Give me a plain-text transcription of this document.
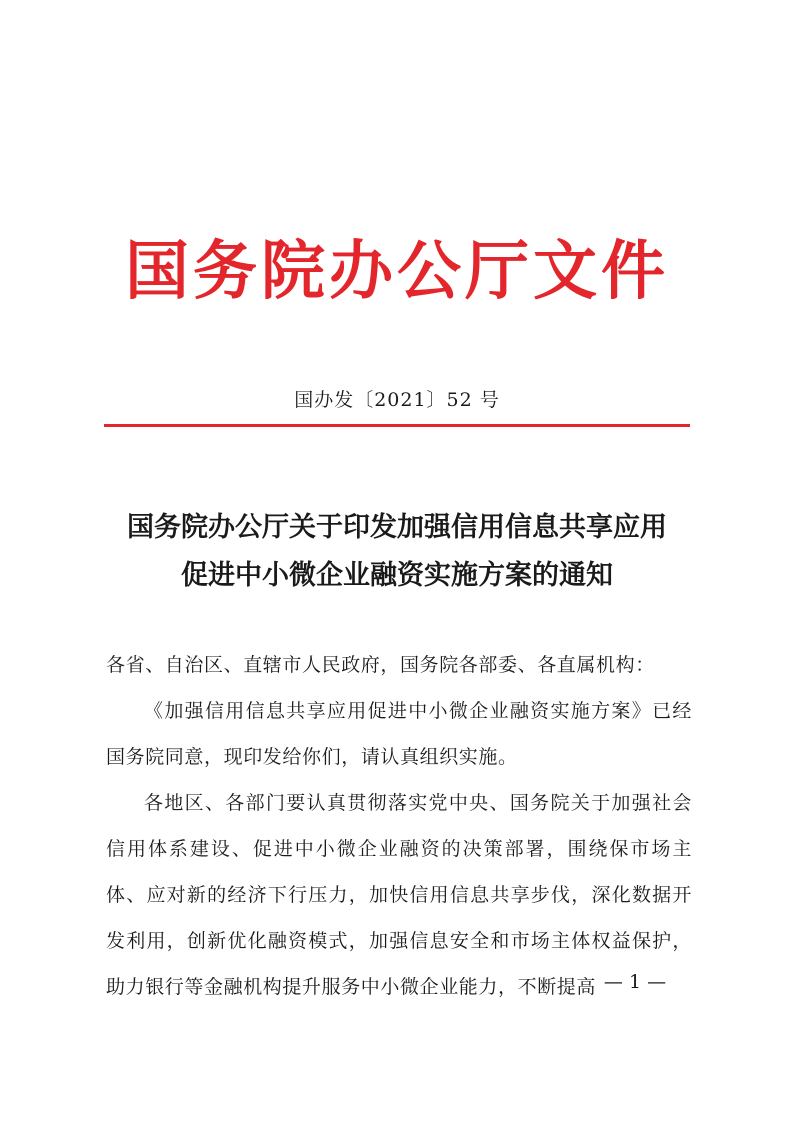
国务院办公厅文件
国办发〔2021〕52 号
国务院办公厅关于印发加强信用信息共享应用
促进中小微企业融资实施方案的通知

各省、自治区、直辖市人民政府，国务院各部委、各直属机构：

《加强信用信息共享应用促进中小微企业融资实施方案》已经国务院同意，现印发给你们，请认真组织实施。

各地区、各部门要认真贯彻落实党中央、国务院关于加强社会信用体系建设、促进中小微企业融资的决策部署，围绕保市场主体、应对新的经济下行压力，加快信用信息共享步伐，深化数据开发利用，创新优化融资模式，加强信息安全和市场主体权益保护，助力银行等金融机构提升服务中小微企业能力，不断提高 — 1 —
